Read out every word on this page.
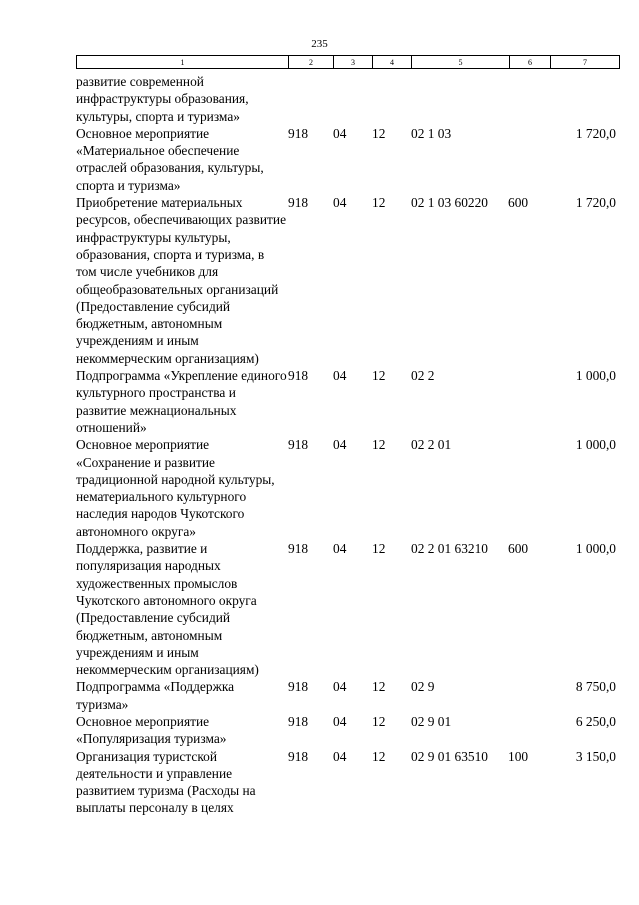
235
1	2	3	4	5	6	7
развитие современной инфраструктуры образования, культуры, спорта и туризма»						
Основное мероприятие «Материальное обеспечение отраслей образования, культуры, спорта и туризма»	918	04	12	02 1 03		1 720,0
Приобретение материальных ресурсов, обеспечивающих развитие инфраструктуры культуры, образования, спорта и туризма, в том числе учебников для общеобразовательных организаций (Предоставление субсидий бюджетным, автономным учреждениям и иным некоммерческим организациям)	918	04	12	02 1 03 60220	600	1 720,0
Подпрограмма «Укрепление единого культурного пространства и развитие межнациональных отношений»	918	04	12	02 2		1 000,0
Основное мероприятие «Сохранение и развитие традиционной народной культуры, нематериального культурного наследия народов Чукотского автономного округа»	918	04	12	02 2 01		1 000,0
Поддержка, развитие и популяризация народных художественных промыслов Чукотского автономного округа (Предоставление субсидий бюджетным, автономным учреждениям и иным некоммерческим организациям)	918	04	12	02 2 01 63210	600	1 000,0
Подпрограмма «Поддержка туризма»	918	04	12	02 9		8 750,0
Основное мероприятие «Популяризация туризма»	918	04	12	02 9 01		6 250,0
Организация туристской деятельности и управление развитием туризма (Расходы на выплаты персоналу в целях	918	04	12	02 9 01 63510	100	3 150,0
